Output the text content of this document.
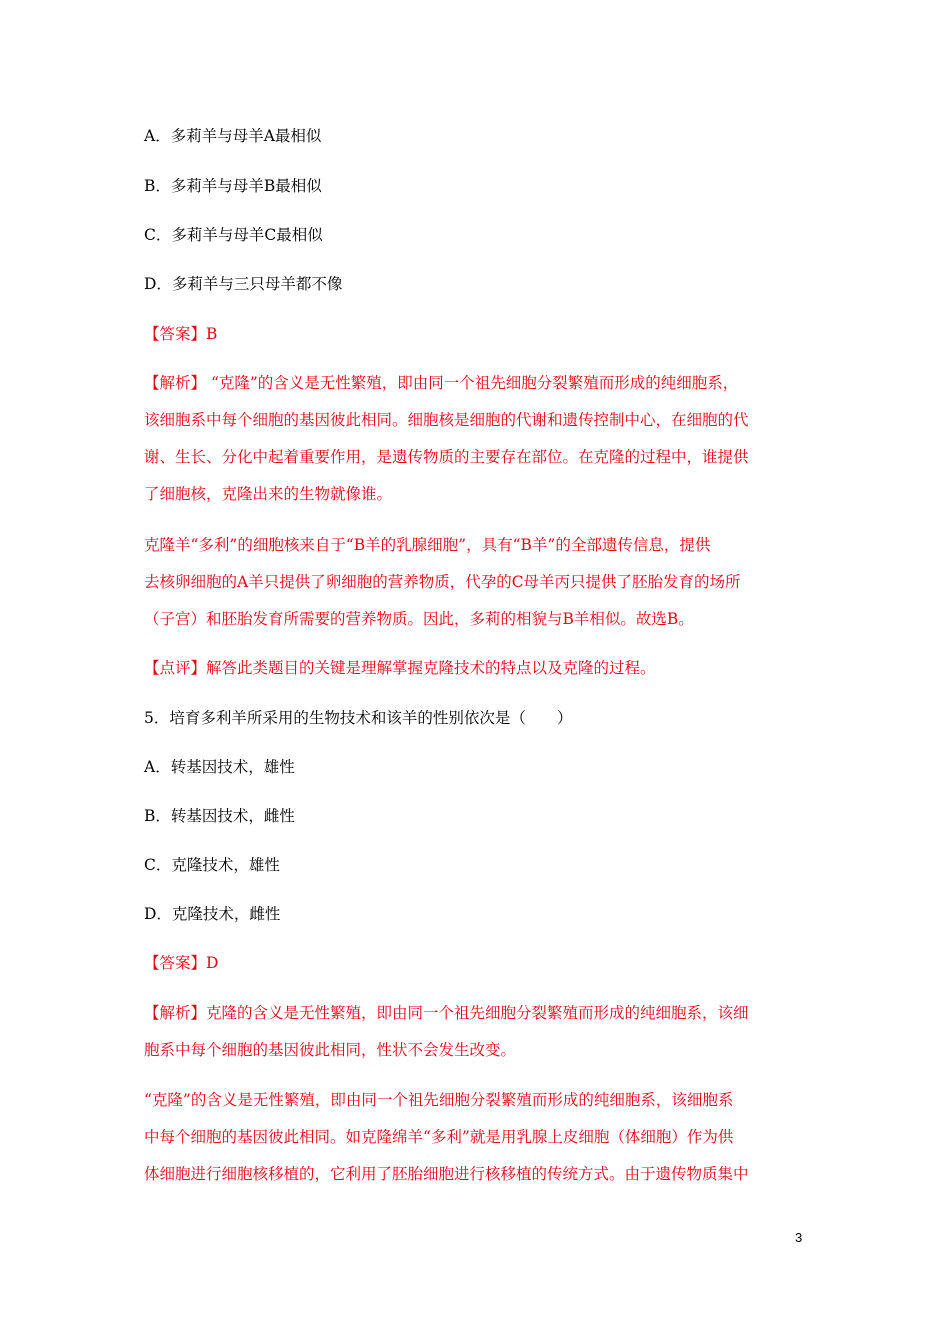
A．多莉羊与母羊A最相似
B．多莉羊与母羊B最相似
C．多莉羊与母羊C最相似
D．多莉羊与三只母羊都不像
【答案】B
【解析】 “克隆”的含义是无性繁殖，即由同一个祖先细胞分裂繁殖而形成的纯细胞系，
该细胞系中每个细胞的基因彼此相同。细胞核是细胞的代谢和遗传控制中心，在细胞的代
谢、生长、分化中起着重要作用，是遗传物质的主要存在部位。在克隆的过程中，谁提供
了细胞核，克隆出来的生物就像谁。
克隆羊“多利”的细胞核来自于“B羊的乳腺细胞”，具有“B羊”的全部遗传信息，提供
去核卵细胞的A羊只提供了卵细胞的营养物质，代孕的C母羊丙只提供了胚胎发育的场所
（子宫）和胚胎发育所需要的营养物质。因此，多莉的相貌与B羊相似。故选B。
【点评】解答此类题目的关键是理解掌握克隆技术的特点以及克隆的过程。
5．培育多利羊所采用的生物技术和该羊的性别依次是（　　）
A．转基因技术，雄性
B．转基因技术，雌性
C．克隆技术，雄性
D．克隆技术，雌性
【答案】D
【解析】克隆的含义是无性繁殖，即由同一个祖先细胞分裂繁殖而形成的纯细胞系，该细
胞系中每个细胞的基因彼此相同，性状不会发生改变。
“克隆”的含义是无性繁殖，即由同一个祖先细胞分裂繁殖而形成的纯细胞系，该细胞系
中每个细胞的基因彼此相同。如克隆绵羊“多利”就是用乳腺上皮细胞（体细胞）作为供
体细胞进行细胞核移植的，它利用了胚胎细胞进行核移植的传统方式。由于遗传物质集中
3
